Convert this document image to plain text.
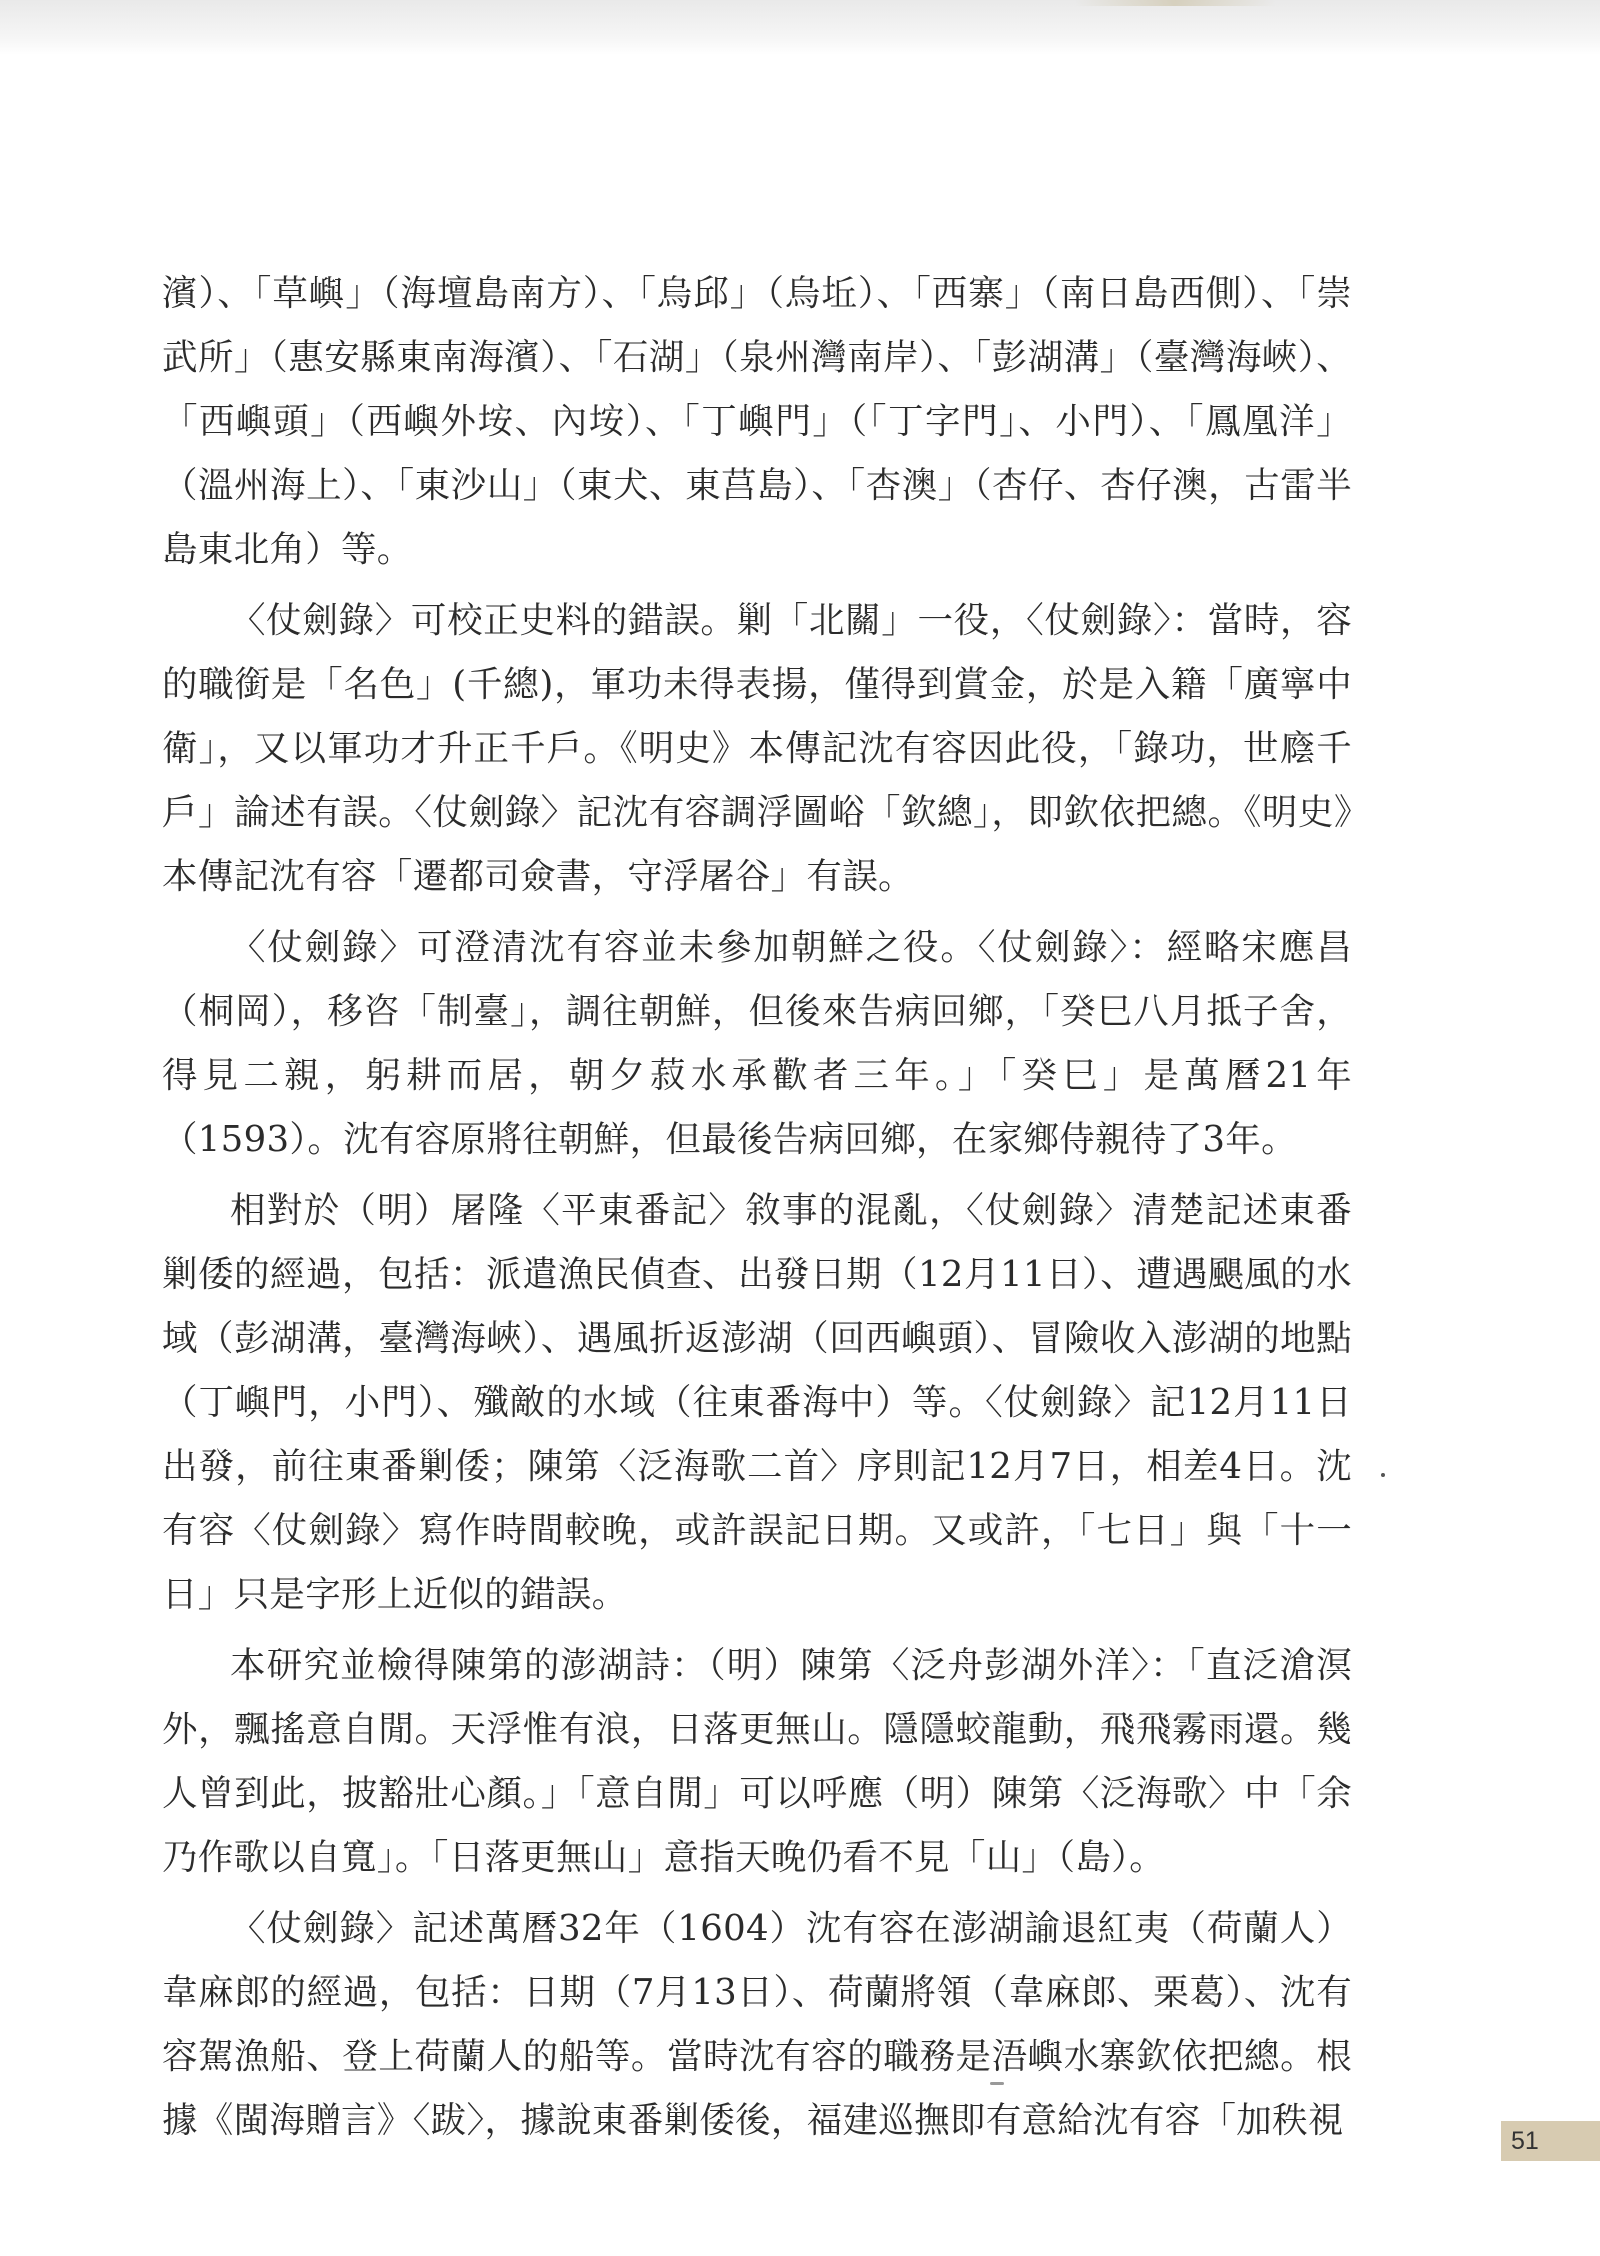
濱）、「草嶼」（海壇島南方）、「烏邱」（烏坵）、「西寨」（南日島西側）、「崇武所」（惠安縣東南海濱）、「石湖」（泉州灣南岸）、「彭湖溝」（臺灣海峽）、「西嶼頭」（西嶼外垵、內垵）、「丁嶼門」（「丁字門」、小門）、「鳳凰洋」（溫州海上）、「東沙山」（東犬、東莒島）、「杏澳」（杏仔、杏仔澳，古雷半島東北角）等。

〈仗劍錄〉可校正史料的錯誤。剿「北關」一役，〈仗劍錄〉：當時，容的職銜是「名色」(千總)，軍功未得表揚，僅得到賞金，於是入籍「廣寧中衛」，又以軍功才升正千戶。《明史》本傳記沈有容因此役，「錄功，世廕千戶」論述有誤。〈仗劍錄〉記沈有容調浮圖峪「欽總」，即欽依把總。《明史》本傳記沈有容「遷都司僉書，守浮屠谷」有誤。

〈仗劍錄〉可澄清沈有容並未參加朝鮮之役。〈仗劍錄〉：經略宋應昌（桐岡），移咨「制臺」，調往朝鮮，但後來告病回鄉，「癸巳八月抵子舍，得見二親，躬耕而居，朝夕菽水承歡者三年。」「癸巳」是萬曆21年（1593）。沈有容原將往朝鮮，但最後告病回鄉，在家鄉侍親待了3年。

相對於（明）屠隆〈平東番記〉敘事的混亂，〈仗劍錄〉清楚記述東番剿倭的經過，包括：派遣漁民偵查、出發日期（12月11日）、遭遇颶風的水域（彭湖溝，臺灣海峽）、遇風折返澎湖（回西嶼頭）、冒險收入澎湖的地點（丁嶼門，小門）、殲敵的水域（往東番海中）等。〈仗劍錄〉記12月11日出發，前往東番剿倭；陳第〈泛海歌二首〉序則記12月7日，相差4日。沈有容〈仗劍錄〉寫作時間較晚，或許誤記日期。又或許，「七日」與「十一日」只是字形上近似的錯誤。

本研究並檢得陳第的澎湖詩：（明）陳第〈泛舟彭湖外洋〉：「直泛滄溟外，飄搖意自閒。天浮惟有浪，日落更無山。隱隱蛟龍動，飛飛霧雨還。幾人曾到此，披豁壯心顏。」「意自閒」可以呼應（明）陳第〈泛海歌〉中「余乃作歌以自寬」。「日落更無山」意指天晚仍看不見「山」（島）。

〈仗劍錄〉記述萬曆32年（1604）沈有容在澎湖諭退紅夷（荷蘭人）韋麻郎的經過，包括：日期（7月13日）、荷蘭將領（韋麻郎、栗葛）、沈有容駕漁船、登上荷蘭人的船等。當時沈有容的職務是浯嶼水寨欽依把總。根據《閩海贈言》〈跋〉，據說東番剿倭後，福建巡撫即有意給沈有容「加秩視	51
